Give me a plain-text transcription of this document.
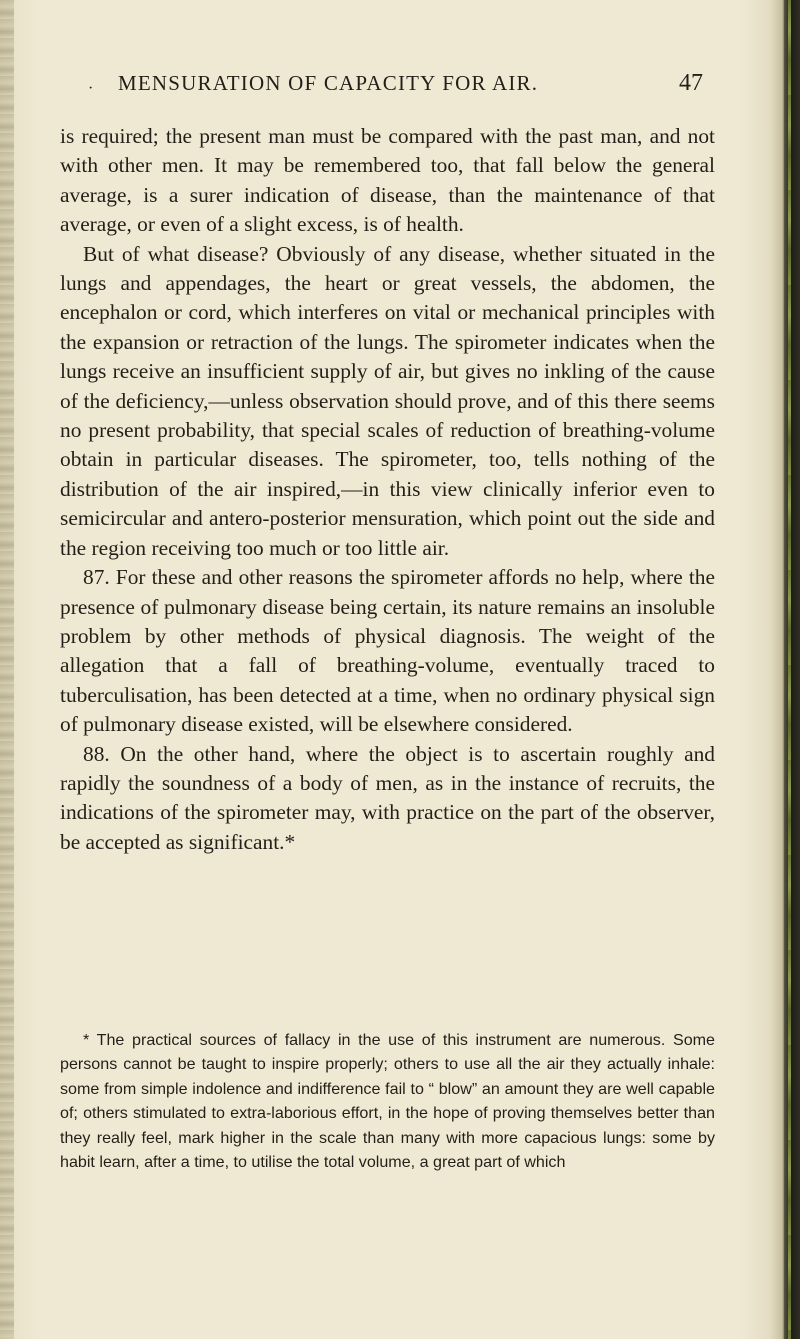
· MENSURATION OF CAPACITY FOR AIR.	47

is required; the present man must be compared with the past man, and not with other men. It may be remembered too, that fall below the general average, is a surer indication of disease, than the maintenance of that average, or even of a slight excess, is of health.

But of what disease? Obviously of any disease, whether situated in the lungs and appendages, the heart or great vessels, the abdomen, the encephalon or cord, which interferes on vital or mechanical principles with the expansion or retraction of the lungs. The spirometer indicates when the lungs receive an insufficient supply of air, but gives no inkling of the cause of the deficiency,—unless observation should prove, and of this there seems no present probability, that special scales of reduction of breathing-volume obtain in particular diseases. The spirometer, too, tells nothing of the distribution of the air inspired,—in this view clinically inferior even to semicircular and antero-posterior mensuration, which point out the side and the region receiving too much or too little air.

87. For these and other reasons the spirometer affords no help, where the presence of pulmonary disease being certain, its nature remains an insoluble problem by other methods of physical diagnosis. The weight of the allegation that a fall of breathing-volume, eventually traced to tuberculisation, has been detected at a time, when no ordinary physical sign of pulmonary disease existed, will be elsewhere considered.

88. On the other hand, where the object is to ascertain roughly and rapidly the soundness of a body of men, as in the instance of recruits, the indications of the spirometer may, with practice on the part of the observer, be accepted as significant.*

* The practical sources of fallacy in the use of this instrument are numerous. Some persons cannot be taught to inspire properly; others to use all the air they actually inhale: some from simple indolence and indifference fail to “ blow” an amount they are well capable of; others stimulated to extra-laborious effort, in the hope of proving themselves better than they really feel, mark higher in the scale than many with more capacious lungs: some by habit learn, after a time, to utilise the total volume, a great part of which
